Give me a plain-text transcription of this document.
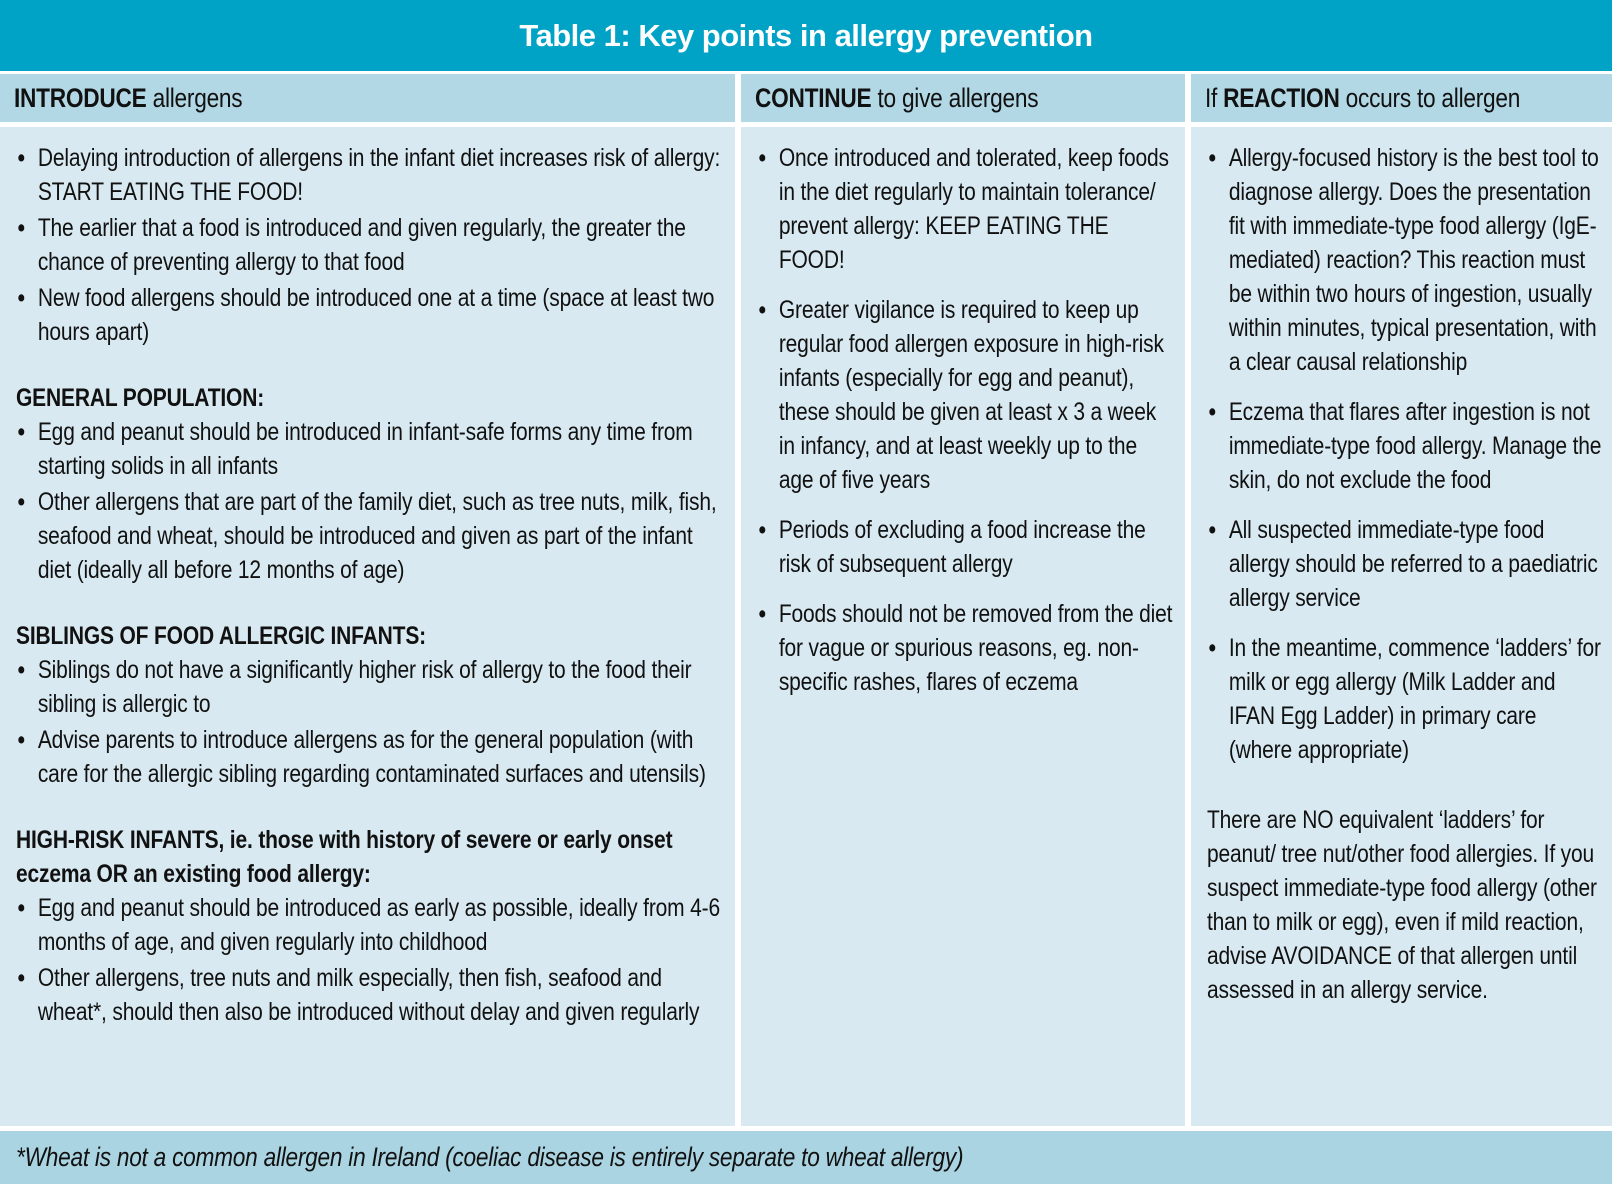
Table 1: Key points in allergy prevention
INTRODUCE allergens	CONTINUE to give allergens	If REACTION occurs to allergen
• Delaying introduction of allergens in the infant diet increases risk of allergy: START EATING THE FOOD!
• The earlier that a food is introduced and given regularly, the greater the chance of preventing allergy to that food
• New food allergens should be introduced one at a time (space at least two hours apart)
GENERAL POPULATION:
• Egg and peanut should be introduced in infant-safe forms any time from starting solids in all infants
• Other allergens that are part of the family diet, such as tree nuts, milk, fish, seafood and wheat, should be introduced and given as part of the infant diet (ideally all before 12 months of age)
SIBLINGS OF FOOD ALLERGIC INFANTS:
• Siblings do not have a significantly higher risk of allergy to the food their sibling is allergic to
• Advise parents to introduce allergens as for the general population (with care for the allergic sibling regarding contaminated surfaces and utensils)
HIGH-RISK INFANTS, ie. those with history of severe or early onset eczema OR an existing food allergy:
• Egg and peanut should be introduced as early as possible, ideally from 4-6 months of age, and given regularly into childhood
• Other allergens, tree nuts and milk especially, then fish, seafood and wheat*, should then also be introduced without delay and given regularly
• Once introduced and tolerated, keep foods in the diet regularly to maintain tolerance/ prevent allergy: KEEP EATING THE FOOD!
• Greater vigilance is required to keep up regular food allergen exposure in high-risk infants (especially for egg and peanut), these should be given at least x 3 a week in infancy, and at least weekly up to the age of five years
• Periods of excluding a food increase the risk of subsequent allergy
• Foods should not be removed from the diet for vague or spurious reasons, eg. non-specific rashes, flares of eczema
• Allergy-focused history is the best tool to diagnose allergy. Does the presentation fit with immediate-type food allergy (IgE-mediated) reaction? This reaction must be within two hours of ingestion, usually within minutes, typical presentation, with a clear causal relationship
• Eczema that flares after ingestion is not immediate-type food allergy. Manage the skin, do not exclude the food
• All suspected immediate-type food allergy should be referred to a paediatric allergy service
• In the meantime, commence ‘ladders’ for milk or egg allergy (Milk Ladder and IFAN Egg Ladder) in primary care (where appropriate)

There are NO equivalent ‘ladders’ for peanut/ tree nut/other food allergies. If you suspect immediate-type food allergy (other than to milk or egg), even if mild reaction, advise AVOIDANCE of that allergen until assessed in an allergy service.

*Wheat is not a common allergen in Ireland (coeliac disease is entirely separate to wheat allergy)
